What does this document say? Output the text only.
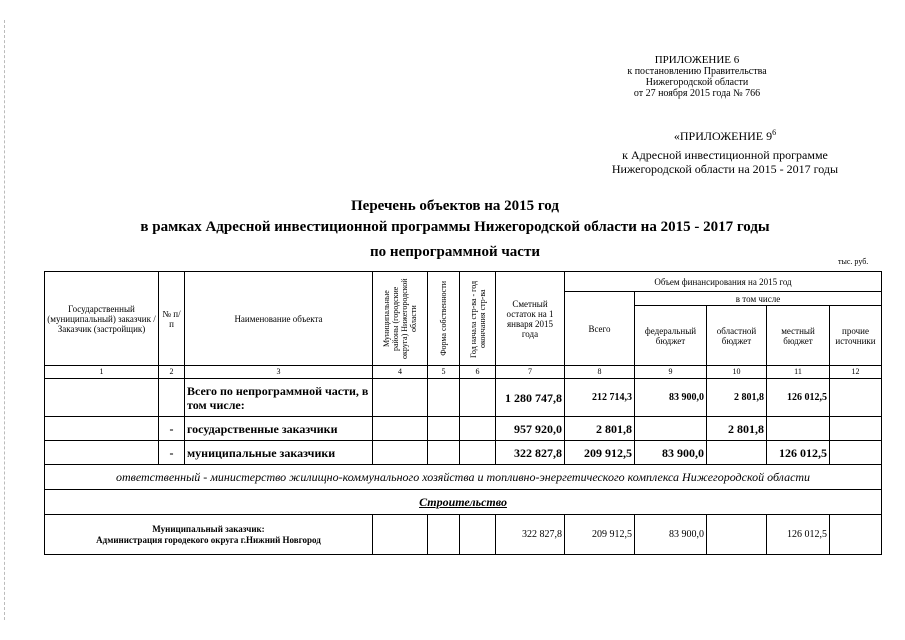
ПРИЛОЖЕНИЕ 6
к постановлению Правительства
Нижегородской области
от 27 ноября 2015 года № 766
«ПРИЛОЖЕНИЕ $9^6$
к Адресной инвестиционной программе
Нижегородской области на 2015 - 2017 годы
Перечень объектов на 2015 год
в рамках Адресной инвестиционной программы Нижегородской области на 2015 - 2017 годы
по непрограммной части
тыс. руб.
Государственный (муниципальный) заказчик / Заказчик (застройщик)	№ п/п	Наименование объекта	Муниципальные районы (городские округа) Нижегородской области	Форма собственности	Год начала стр-ва - год окончания стр-ва	Сметный остаток на 1 января 2015 года	Объем финансирования на 2015 год				
							Всего	в том числе			
								федеральный бюджет	областной бюджет	местный бюджет	прочие источники
1	2	3	4	5	6	7	8	9	10	11	12
		Всего по непрограммной части, в том числе:				1 280 747,8	212 714,3	83 900,0	2 801,8	126 012,5	
	-	государственные заказчики				957 920,0	2 801,8		2 801,8		
	-	муниципальные заказчики				322 827,8	209 912,5	83 900,0		126 012,5	
ответственный - министерство жилищно-коммунального хозяйства и топливно-энергетического комплекса Нижегородской области											
Строительство											

Муниципальный заказчик:
Администрация городекого округа г.Нижний Новгород						322 827,8	209 912,5	83 900,0		126 012,5	
